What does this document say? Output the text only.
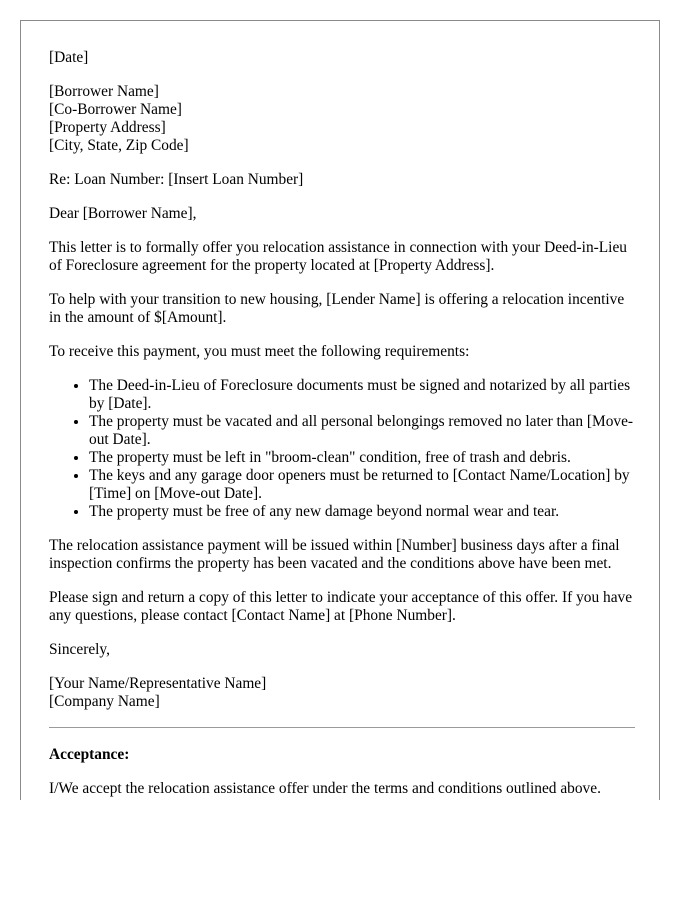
[Date]

[Borrower Name]
[Co-Borrower Name]
[Property Address]
[City, State, Zip Code]

Re: Loan Number: [Insert Loan Number]

Dear [Borrower Name],

This letter is to formally offer you relocation assistance in connection with your Deed-in-Lieu of Foreclosure agreement for the property located at [Property Address].

To help with your transition to new housing, [Lender Name] is offering a relocation incentive in the amount of $[Amount].

To receive this payment, you must meet the following requirements:

• The Deed-in-Lieu of Foreclosure documents must be signed and notarized by all parties by [Date].
• The property must be vacated and all personal belongings removed no later than [Move-out Date].
• The property must be left in "broom-clean" condition, free of trash and debris.
• The keys and any garage door openers must be returned to [Contact Name/Location] by [Time] on [Move-out Date].
• The property must be free of any new damage beyond normal wear and tear.

The relocation assistance payment will be issued within [Number] business days after a final inspection confirms the property has been vacated and the conditions above have been met.

Please sign and return a copy of this letter to indicate your acceptance of this offer. If you have any questions, please contact [Contact Name] at [Phone Number].

Sincerely,

[Your Name/Representative Name]
[Company Name]

Acceptance:

I/We accept the relocation assistance offer under the terms and conditions outlined above.
